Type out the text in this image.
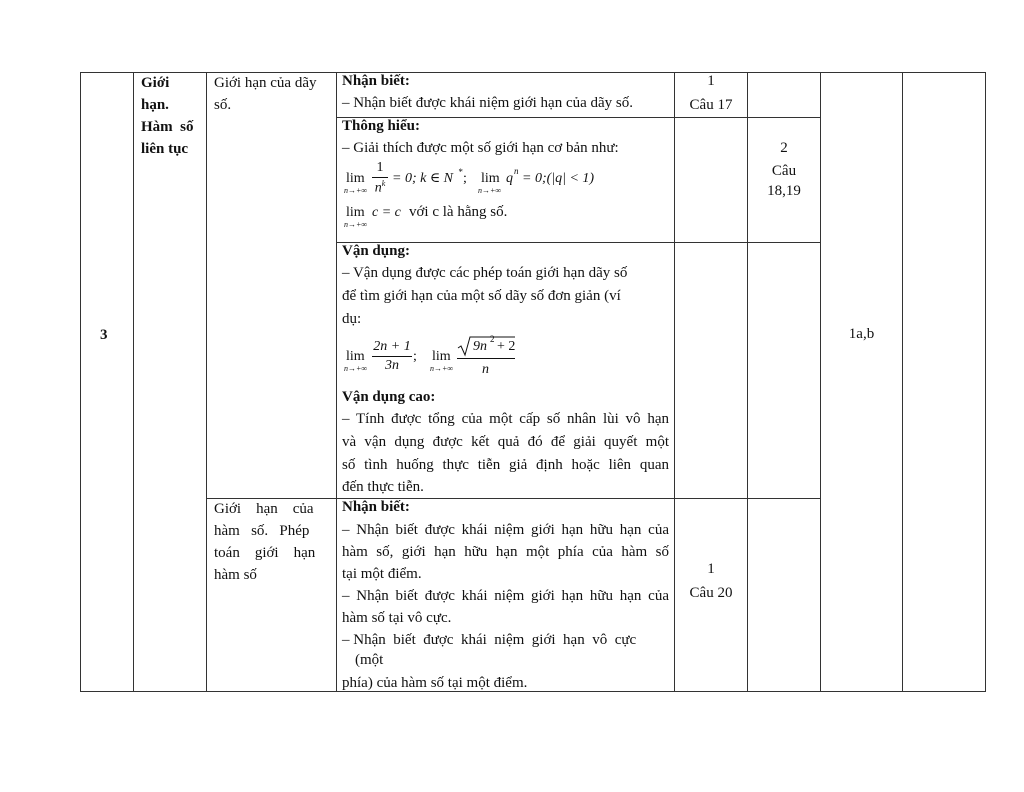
3
Giới
hạn.
Hàm  số
liên tục
Giới hạn của dãy
số.
Nhận biết:
– Nhận biết được khái niệm giới hạn của dãy số.
1
Câu 17
Thông hiểu:
– Giải thích được một số giới hạn cơ bản như:
lim
n→+∞
1
$n^k = 0$; k ∈ N * ; lim
n→+∞
q n = 0;(|q| < 1)
lim
n→+∞
c = c với c là hằng số.
2
Câu
18,19
Vận dụng:
– Vận dụng được các phép toán giới hạn dãy số
để tìm giới hạn của một số dãy số đơn giản (ví
dụ:
lim
n→+∞
2n + 1
3n
; lim
n→+∞
9n 2 + 2
n
Vận dụng cao:
– Tính được tổng của một cấp số nhân lùi vô hạn
và vận dụng được kết quả đó để giải quyết một
số tình huống thực tiễn giả định hoặc liên quan
đến thực tiễn.
1a,b
Giới    hạn    của
hàm   số.   Phép
toán    giới    hạn
hàm số
Nhận biết:
– Nhận biết được khái niệm giới hạn hữu hạn của
hàm số, giới hạn hữu hạn một phía của hàm số
tại một điểm.
– Nhận biết được khái niệm giới hạn hữu hạn của
hàm số tại vô cực.
– Nhận  biết  được  khái  niệm  giới  hạn  vô  cực
(một
phía) của hàm số tại một điểm.
1
Câu 20
